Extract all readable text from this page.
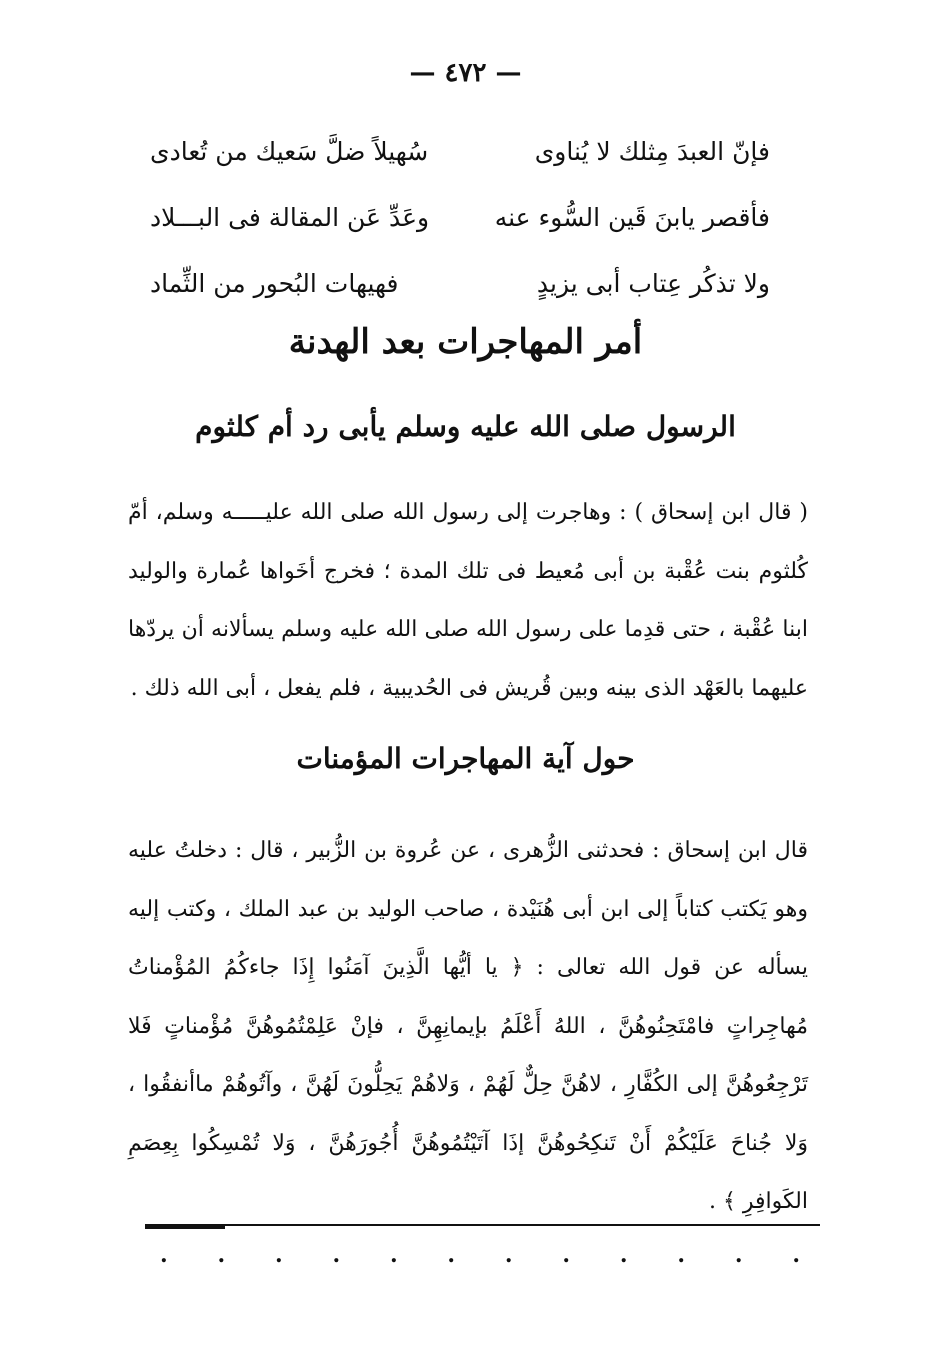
— ٤٧٢ —
فإنّ العبدَ مِثلك لا يُناوى
سُهيلاً ضلَّ سَعيك من تُعادى
فأقصر يابنَ قَين السُّوء عنه
وعَدِّ عَن المقالة فى البـــلاد
ولا تذكُر عِتاب أبى يزيدٍ
فهيهات البُحور من الثِّماد
أمر المهاجرات بعد الهدنة
الرسول صلى الله عليه وسلم يأبى رد أم كلثوم
( قال ابن إسحاق ) : وهاجرت إلى رسول الله صلى الله عليـــــه وسلم، أمّ كُلثوم بنت عُقْبة بن أبى مُعيط فى تلك المدة ؛ فخرج أخَواها عُمارة والوليد ابنا عُقْبة ، حتى قدِما على رسول الله صلى الله عليه وسلم يسألانه أن يردّها عليهما بالعَهْد الذى بينه وبين قُريش فى الحُديبية ، فلم يفعل ، أبى الله ذلك .
حول آية المهاجرات المؤمنات
قال ابن إسحاق : فحدثنى الزُّهرى ، عن عُروة بن الزُّبير ، قال : دخلتُ عليه وهو يَكتب كتاباً إلى ابن أبى هُنَيْدة ، صاحب الوليد بن عبد الملك ، وكتب إليه يسأله عن قول الله تعالى : ﴿ يا أيُّها الَّذِينَ آمَنُوا إِذَا جاءكُمُ المُؤْمناتُ مُهاجِراتٍ فامْتَحِنُوهُنَّ ، اللهُ أَعْلَمُ بإيمانِهِنَّ ، فإنْ عَلِمْتُمُوهُنَّ مُؤْمناتٍ فَلا تَرْجِعُوهُنَّ إلى الكُفَّارِ ، لاهُنَّ حِلٌّ لَهُمْ ، وَلاهُمْ يَحِلُّونَ لَهُنَّ ، وآتُوهُمْ ماأنفقُوا ، وَلا جُناحَ عَلَيْكُمْ أَنْ تَنكِحُوهُنَّ إذَا آتَيْتُمُوهُنَّ أُجُورَهُنَّ ، وَلا تُمْسِكُوا بِعِصَمِ الكَوافِرِ ﴾ .
. . . . . . . . . . . .
